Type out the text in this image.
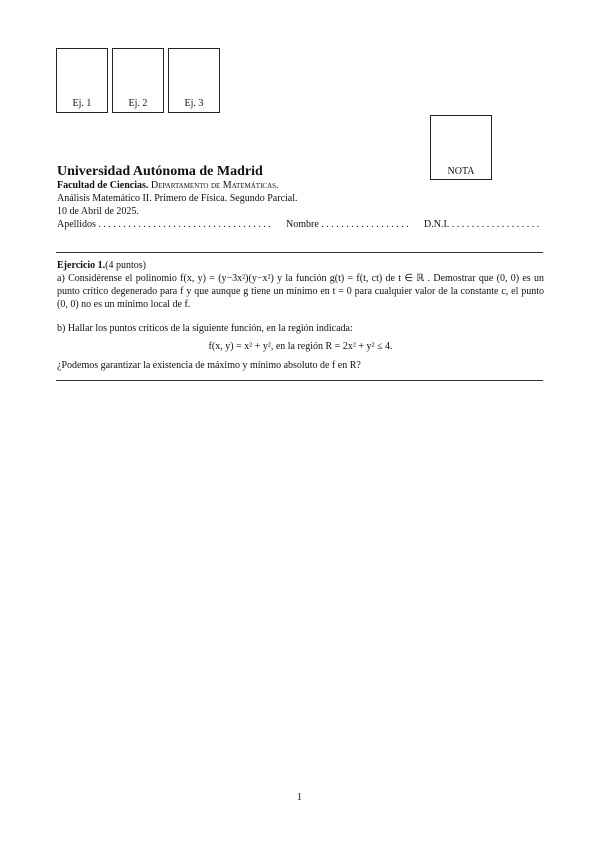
Ej. 1	Ej. 2	Ej. 3
NOTA
Universidad Autónoma de Madrid
Facultad de Ciencias. Departamento de Matemáticas.
Análisis Matemático II. Primero de Física. Segundo Parcial.
10 de Abril de 2025.
Apellidos . . . . . . . . . . . . . . . . . . . . . . . . . . . . . . . . . . . Nombre . . . . . . . . . . . . . . . . . . D.N.I. . . . . . . . . . . . . . . . . . .
Ejercicio 1.(4 puntos)
a) Considérense el polinomio f(x, y) = (y−3x²)(y−x²) y la función g(t) = f(t, ct) de t ∈ ℝ . Demostrar que (0, 0) es un punto crítico degenerado para f y que aunque g tiene un mínimo en t = 0 para cualquier valor de la constante c, el punto (0, 0) no es un mínimo local de f.
b) Hallar los puntos críticos de la siguiente función, en la región indicada:
f(x, y) = x² + y², en la región R = 2x² + y² ≤ 4.
¿Podemos garantizar la existencia de máximo y mínimo absoluto de f en R?
1
